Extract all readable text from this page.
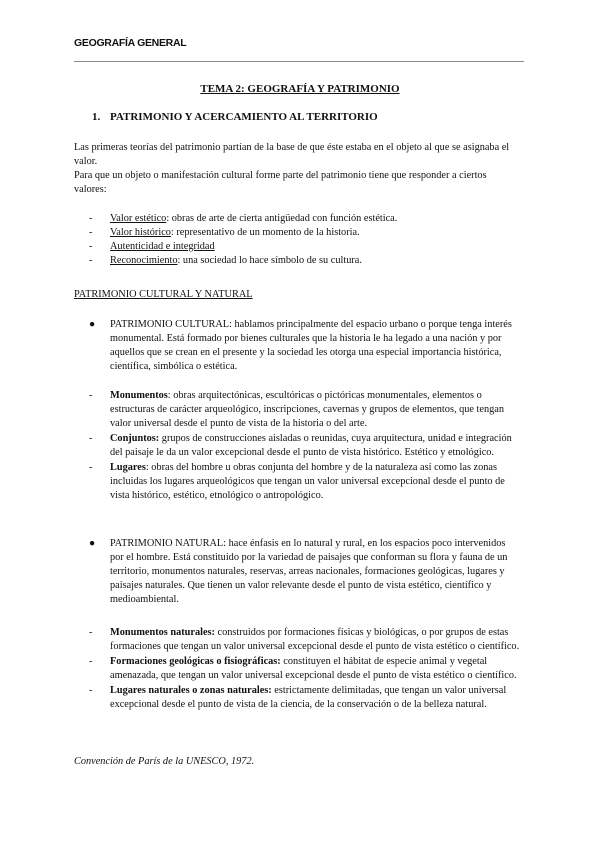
GEOGRAFÍA GENERAL
TEMA 2: GEOGRAFÍA Y PATRIMONIO
1. PATRIMONIO Y ACERCAMIENTO AL TERRITORIO
Las primeras teorías del patrimonio partían de la base de que éste estaba en el objeto al que se asignaba el valor.
Para que un objeto o manifestación cultural forme parte del patrimonio tiene que responder a ciertos valores:
- Valor estético: obras de arte de cierta antigüedad con función estética.
- Valor histórico: representativo de un momento de la historia.
- Autenticidad e integridad
- Reconocimiento: una sociedad lo hace símbolo de su cultura.
PATRIMONIO CULTURAL Y NATURAL
●	PATRIMONIO CULTURAL: hablamos principalmente del espacio urbano o porque tenga interés monumental. Está formado por bienes culturales que la historia le ha legado a una nación y por aquellos que se crean en el presente y la sociedad les otorga una especial importancia histórica, científica, simbólica o estética.
- Monumentos: obras arquitectónicas, escultóricas o pictóricas monumentales, elementos o estructuras de carácter arqueológico, inscripciones, cavernas y grupos de elementos, que tengan valor universal desde el punto de vista de la historia o del arte.
- Conjuntos: grupos de construcciones aisladas o reunidas, cuya arquitectura, unidad e integración del paisaje le da un valor excepcional desde el punto de vista histórico. Estético y etnológico.
- Lugares: obras del hombre u obras conjunta del hombre y de la naturaleza así como las zonas incluidas los lugares arqueológicos que tengan un valor universal excepcional desde el punto de vista histórico, estético, etnológico o antropológico.
●	PATRIMONIO NATURAL: hace énfasis en lo natural y rural, en los espacios poco intervenidos por el hombre. Está constituido por la variedad de paisajes que conforman su flora y fauna de un territorio, monumentos naturales, reservas, arreas nacionales, formaciones geológicas, lugares y paisajes naturales. Que tienen un valor relevante desde el punto de vista estético, científico y medioambiental.
- Monumentos naturales: construidos por formaciones físicas y biológicas, o por grupos de estas formaciones que tengan un valor universal excepcional desde el punto de vista estético o científico.
- Formaciones geológicas o fisiográficas: constituyen el hábitat de especie animal y vegetal amenazada, que tengan un valor universal excepcional desde el punto de vista estético o científico.
- Lugares naturales o zonas naturales: estrictamente delimitadas, que tengan un valor universal excepcional desde el punto de vista de la ciencia, de la conservación o de la belleza natural.
Convención de París de la UNESCO, 1972.
